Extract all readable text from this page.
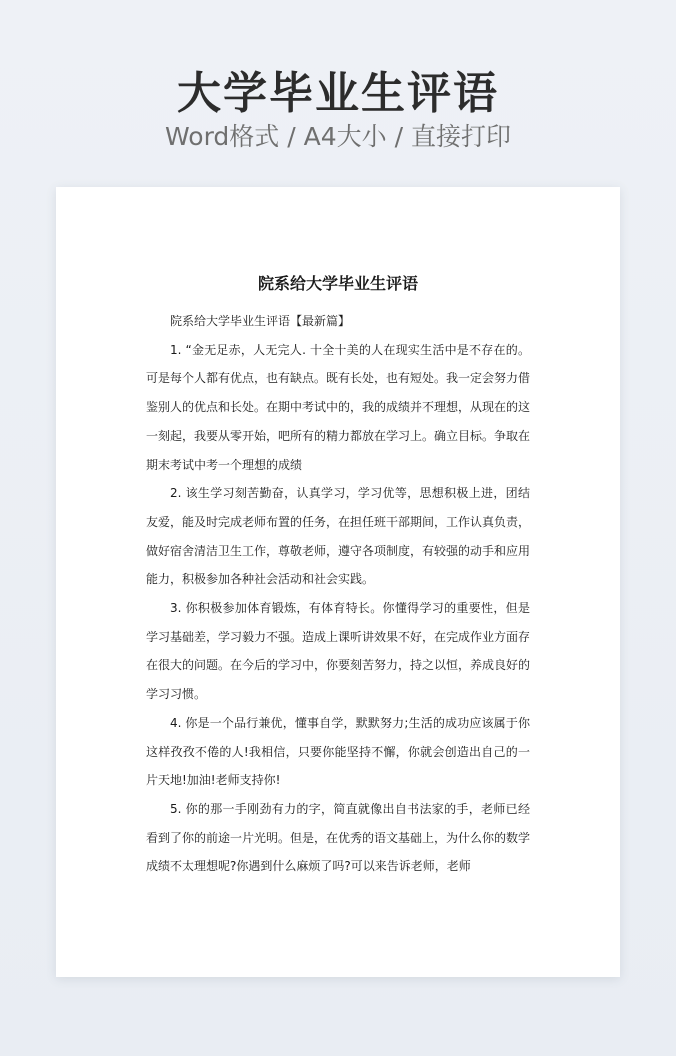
大学毕业生评语
Word格式 / A4大小 / 直接打印
院系给大学毕业生评语

院系给大学毕业生评语【最新篇】

1. “金无足赤，人无完人. 十全十美的人在现实生活中是不存在的。可是每个人都有优点，也有缺点。既有长处，也有短处。我一定会努力借鉴别人的优点和长处。在期中考试中的，我的成绩并不理想，从现在的这一刻起，我要从零开始，吧所有的精力都放在学习上。确立目标。争取在期末考试中考一个理想的成绩

2. 该生学习刻苦勤奋，认真学习，学习优等，思想积极上进，团结友爱，能及时完成老师布置的任务，在担任班干部期间，工作认真负责，做好宿舍清洁卫生工作，尊敬老师，遵守各项制度，有较强的动手和应用能力，积极参加各种社会活动和社会实践。

3. 你积极参加体育锻炼，有体育特长。你懂得学习的重要性，但是学习基础差，学习毅力不强。造成上课听讲效果不好，在完成作业方面存在很大的问题。在今后的学习中，你要刻苦努力，持之以恒，养成良好的学习习惯。

4. 你是一个品行兼优，懂事自学，默默努力;生活的成功应该属于你这样孜孜不倦的人!我相信，只要你能坚持不懈，你就会创造出自己的一片天地!加油!老师支持你!

5. 你的那一手刚劲有力的字，简直就像出自书法家的手，老师已经看到了你的前途一片光明。但是，在优秀的语文基础上，为什么你的数学成绩不太理想呢?你遇到什么麻烦了吗?可以来告诉老师，老师
